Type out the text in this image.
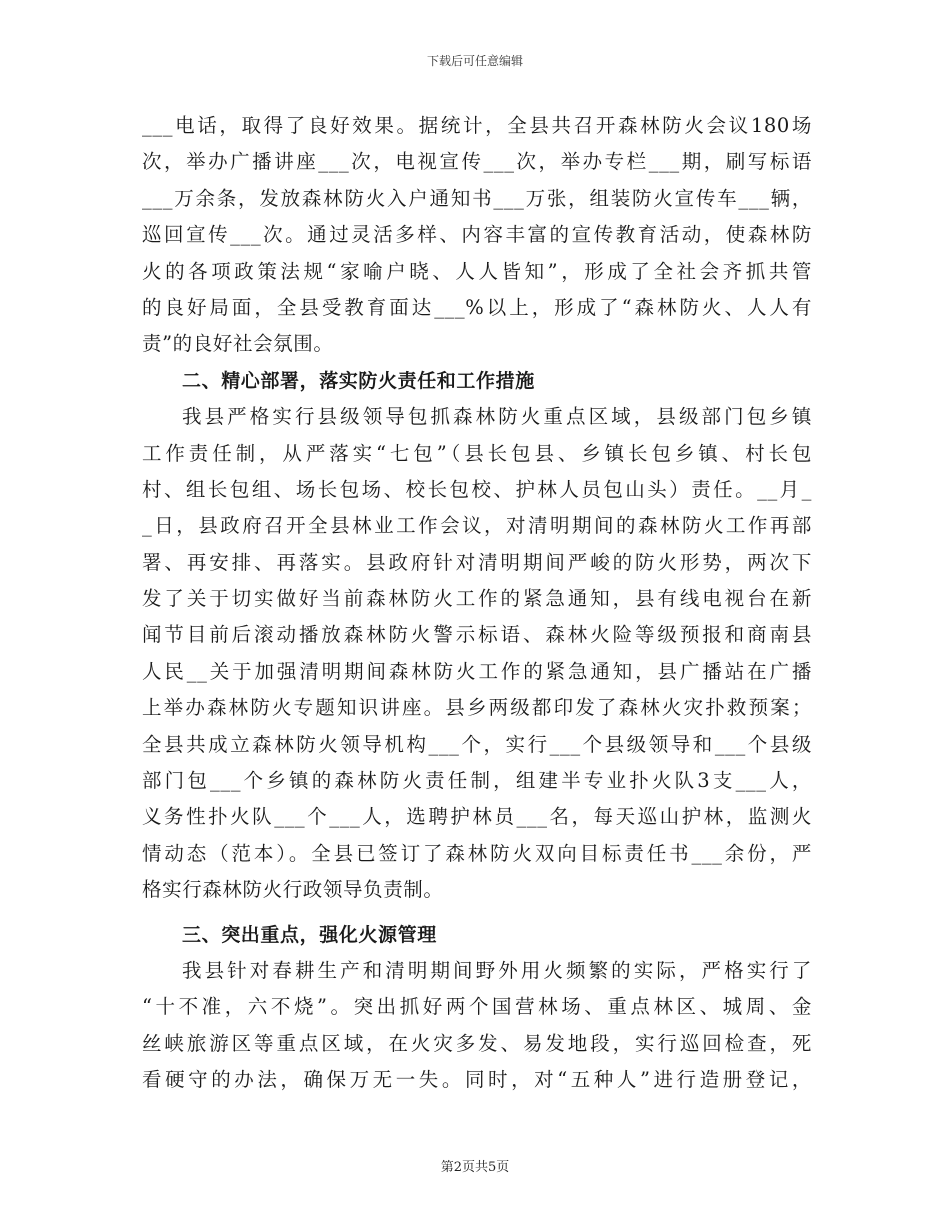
下载后可任意编辑
___电话，取得了良好效果。据统计，全县共召开森林防火会议180场
次，举办广播讲座___次，电视宣传___次，举办专栏___期，刷写标语
___万余条，发放森林防火入户通知书___万张，组装防火宣传车___辆，
巡回宣传___次。通过灵活多样、内容丰富的宣传教育活动，使森林防
火的各项政策法规“家喻户晓、人人皆知”，形成了全社会齐抓共管
的良好局面，全县受教育面达___%以上，形成了“森林防火、人人有
责”的良好社会氛围。
二、精心部署，落实防火责任和工作措施
我县严格实行县级领导包抓森林防火重点区域，县级部门包乡镇
工作责任制，从严落实“七包”（县长包县、乡镇长包乡镇、村长包
村、组长包组、场长包场、校长包校、护林人员包山头）责任。__月_
_日，县政府召开全县林业工作会议，对清明期间的森林防火工作再部
署、再安排、再落实。县政府针对清明期间严峻的防火形势，两次下
发了关于切实做好当前森林防火工作的紧急通知，县有线电视台在新
闻节目前后滚动播放森林防火警示标语、森林火险等级预报和商南县
人民__关于加强清明期间森林防火工作的紧急通知，县广播站在广播
上举办森林防火专题知识讲座。县乡两级都印发了森林火灾扑救预案；
全县共成立森林防火领导机构___个，实行___个县级领导和___个县级
部门包___个乡镇的森林防火责任制，组建半专业扑火队3支___人，
义务性扑火队___个___人，选聘护林员___名，每天巡山护林，监测火
情动态（范本）。全县已签订了森林防火双向目标责任书___余份，严
格实行森林防火行政领导负责制。
三、突出重点，强化火源管理
我县针对春耕生产和清明期间野外用火频繁的实际，严格实行了
“十不准，六不烧”。突出抓好两个国营林场、重点林区、城周、金
丝峡旅游区等重点区域，在火灾多发、易发地段，实行巡回检查，死
看硬守的办法，确保万无一失。同时，对“五种人”进行造册登记，
第2页共5页
